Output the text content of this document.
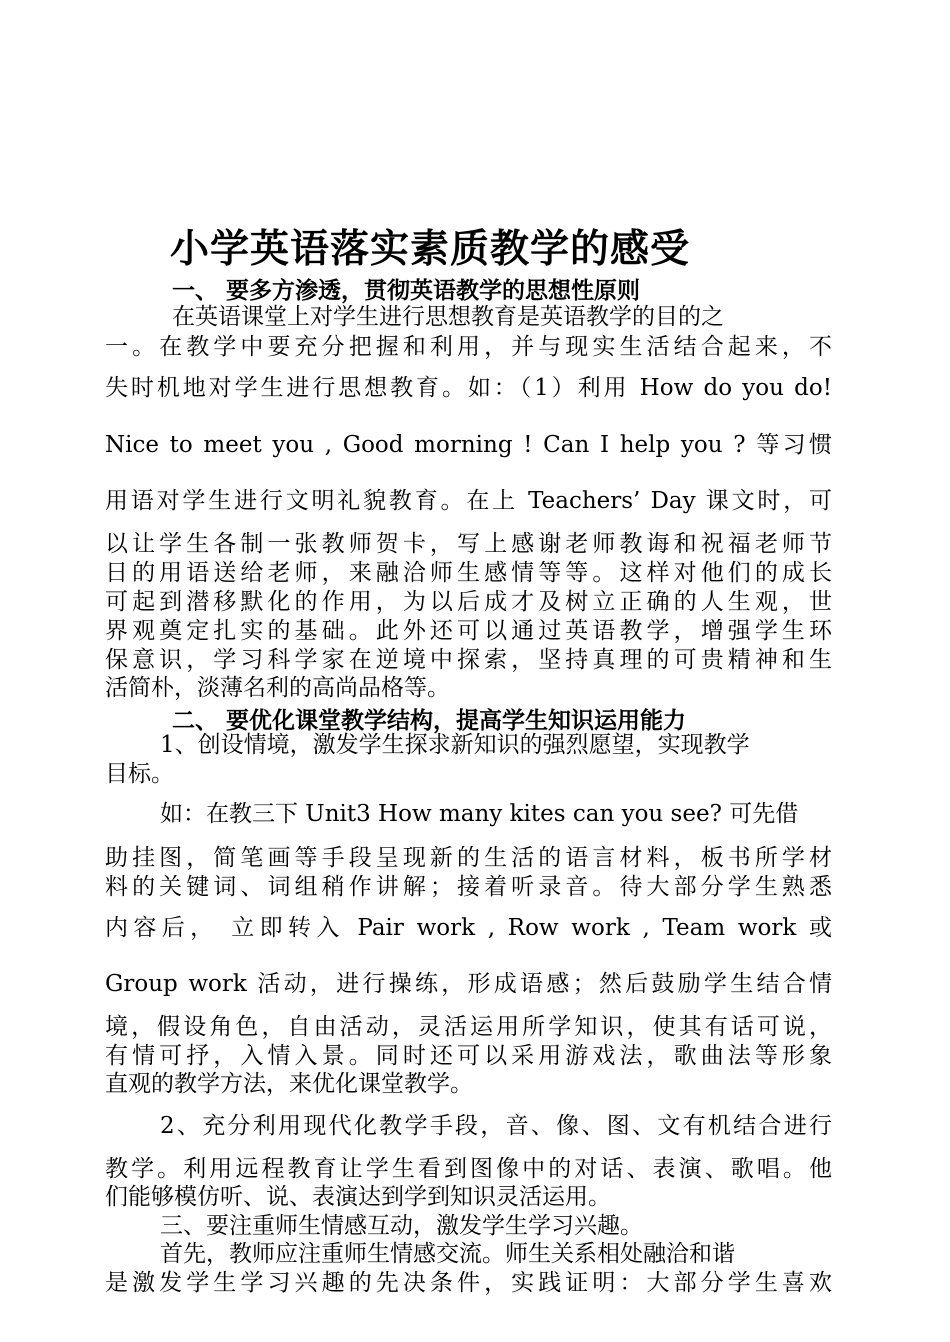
小学英语落实素质教学的感受
一、 要多方渗透，贯彻英语教学的思想性原则
在英语课堂上对学生进行思想教育是英语教学的目的之
一。在教学中要充分把握和利用，并与现实生活结合起来，不
失时机地对学生进行思想教育。如：（1）利用 How do you do!
Nice to meet you , Good morning ! Can I help you ? 等习惯
用语对学生进行文明礼貌教育。在上 Teachers’ Day 课文时，可
以让学生各制一张教师贺卡，写上感谢老师教诲和祝福老师节
日的用语送给老师，来融洽师生感情等等。这样对他们的成长
可起到潜移默化的作用，为以后成才及树立正确的人生观，世
界观奠定扎实的基础。此外还可以通过英语教学，增强学生环
保意识，学习科学家在逆境中探索，坚持真理的可贵精神和生
活简朴，淡薄名利的高尚品格等。
二、 要优化课堂教学结构，提高学生知识运用能力
1、创设情境，激发学生探求新知识的强烈愿望，实现教学
目标。
如：在教三下 Unit3 How many kites can you see? 可先借
助挂图，简笔画等手段呈现新的生活的语言材料，板书所学材
料的关键词、词组稍作讲解；接着听录音。待大部分学生熟悉
内容后， 立即转入 Pair work , Row work , Team work 或
Group work 活动，进行操练，形成语感；然后鼓励学生结合情
境，假设角色，自由活动，灵活运用所学知识，使其有话可说，
有情可抒，入情入景。同时还可以采用游戏法，歌曲法等形象
直观的教学方法，来优化课堂教学。
2、充分利用现代化教学手段，音、像、图、文有机结合进行
教学。利用远程教育让学生看到图像中的对话、表演、歌唱。他
们能够模仿听、说、表演达到学到知识灵活运用。
三、要注重师生情感互动，激发学生学习兴趣。
首先，教师应注重师生情感交流。师生关系相处融洽和谐
是激发学生学习兴趣的先决条件，实践证明：大部分学生喜欢
